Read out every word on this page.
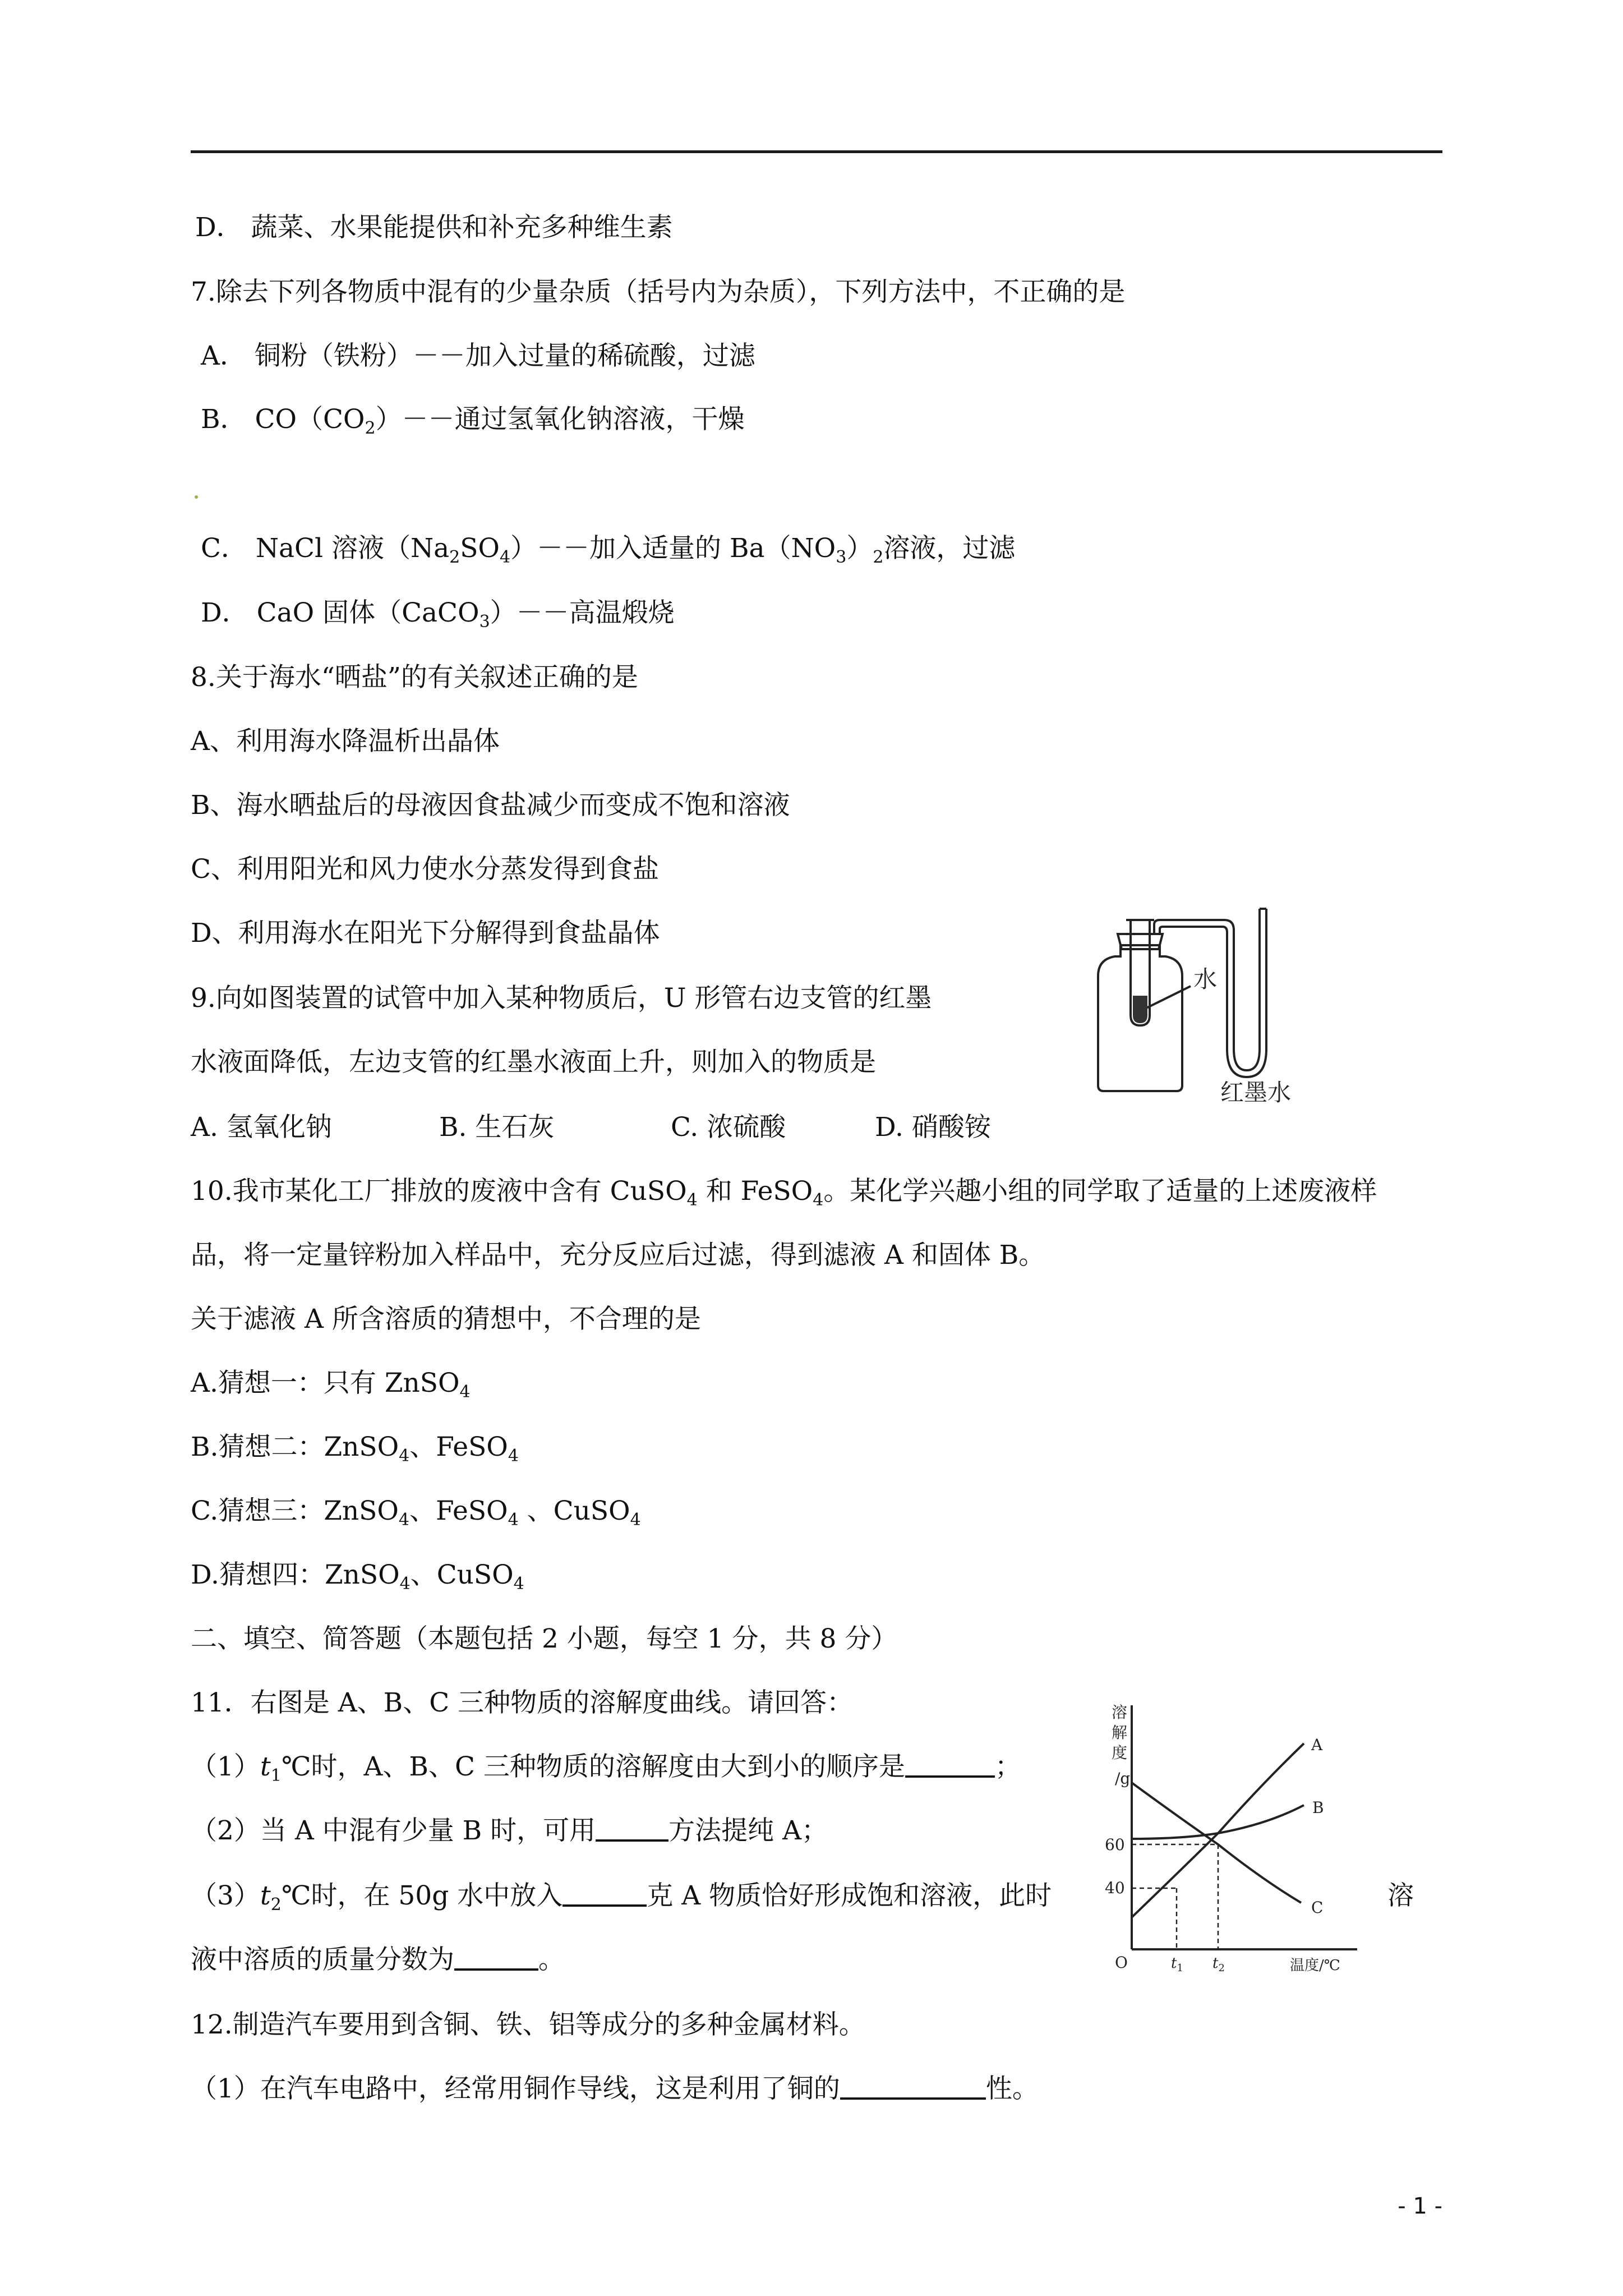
D． 蔬菜、水果能提供和补充多种维生素
7.除去下列各物质中混有的少量杂质（括号内为杂质），下列方法中，不正确的是
A． 铜粉（铁粉）－－加入过量的稀硫酸，过滤
B． $CO(CO_2)--$通过氢氧化钠溶液，干燥
C． NaCl 溶液$(Na_2SO_4)--$加入适量的 $Ba(NO_3)_2$溶液，过滤
D． CaO 固体（CaCO$_3$）－－高温煅烧
8.关于海水“晒盐”的有关叙述正确的是
A、利用海水降温析出晶体
B、海水晒盐后的母液因食盐减少而变成不饱和溶液
C、利用阳光和风力使水分蒸发得到食盐
D、利用海水在阳光下分解得到食盐晶体
9.向如图装置的试管中加入某种物质后，U 形管右边支管的红墨
水液面降低，左边支管的红墨水液面上升，则加入的物质是
A. 氢氧化钠	B. 生石灰	C. 浓硫酸	D. 硝酸铵
水
红墨水
10.我市某化工厂排放的废液中含有 CuSO$_4$ 和 FeSO$_4$。某化学兴趣小组的同学取了适量的上述废液样
品，将一定量锌粉加入样品中，充分反应后过滤，得到滤液 A 和固体 B。
关于滤液 A 所含溶质的猜想中，不合理的是
A.猜想一：只有 ZnSO$_4$
B.猜想二：ZnSO$_4$、FeSO$_4$
C.猜想三：ZnSO$_4$、FeSO$_4$ 、CuSO$_4$
D.猜想四：ZnSO$_4$、CuSO$_4$
二、填空、简答题（本题包括 2 小题，每空 1 分，共 8 分）
11．右图是 A、B、C 三种物质的溶解度曲线。请回答：
$(1)t_1℃$时，A、B、C 三种物质的溶解度由大到小的顺序是	；
（2）当 A 中混有少量 B 时，可用	方法提纯 A；
$(3)t_2℃$时，在 50g 水中放入	克 A 物质恰好形成饱和溶液，此时	溶
液中溶质的质量分数为	。
溶
解
度
/g
60
40
O
A
B
C
$t_1$ $t_2$	温度/℃
12.制造汽车要用到含铜、铁、铝等成分的多种金属材料。
（1）在汽车电路中，经常用铜作导线，这是利用了铜的	性。
- 1 -
